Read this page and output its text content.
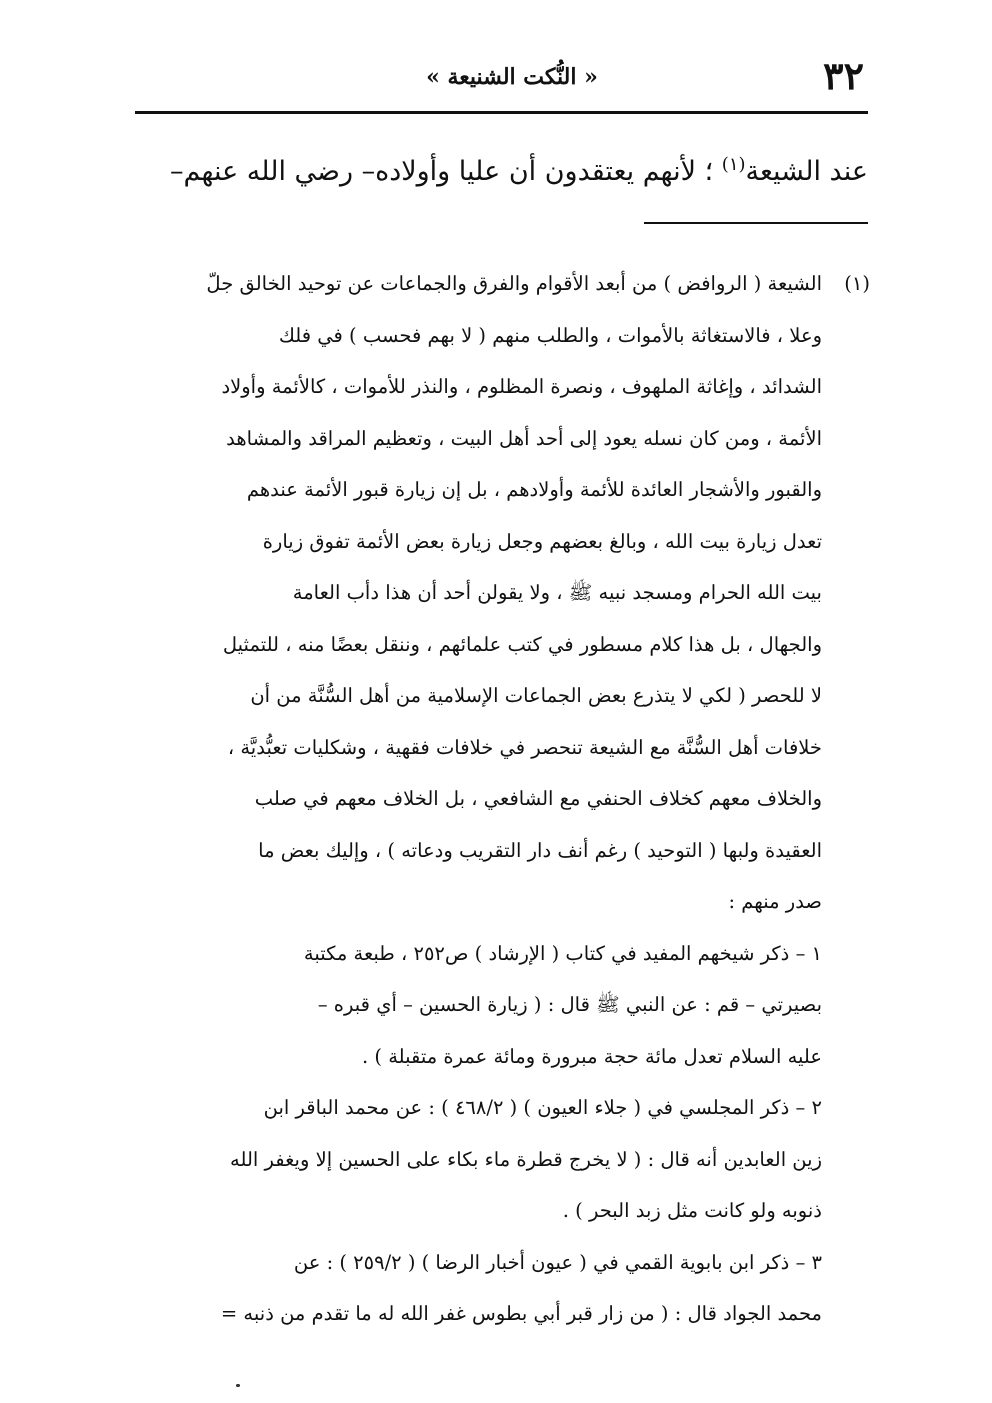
٣٢
« النُّكت الشنيعة »
عند الشيعة$^{(١)}$ ؛ لأنهم يعتقدون أن عليا وأولاده– رضي الله عنهم–
(١)الشيعة ( الروافض ) من أبعد الأقوام والفرق والجماعات عن توحيد الخالق جلّ
وعلا ، فالاستغاثة بالأموات ، والطلب منهم ( لا بهم فحسب ) في فلك
الشدائد ، وإغاثة الملهوف ، ونصرة المظلوم ، والنذر للأموات ، كالأئمة وأولاد
الأئمة ، ومن كان نسله يعود إلى أحد أهل البيت ، وتعظيم المراقد والمشاهد
والقبور والأشجار العائدة للأئمة وأولادهم ، بل إن زيارة قبور الأئمة عندهم
تعدل زيارة بيت الله ، وبالغ بعضهم وجعل زيارة بعض الأئمة تفوق زيارة
بيت الله الحرام ومسجد نبيه ﷺ ، ولا يقولن أحد أن هذا دأب العامة
والجهال ، بل هذا كلام مسطور في كتب علمائهم ، وننقل بعضًا منه ، للتمثيل
لا للحصر ( لكي لا يتذرع بعض الجماعات الإسلامية من أهل السُّنَّة من أن
خلافات أهل السُّنَّة مع الشيعة تنحصر في خلافات فقهية ، وشكليات تعبُّديَّة ،
والخلاف معهم كخلاف الحنفي مع الشافعي ، بل الخلاف معهم في صلب
العقيدة ولبها ( التوحيد ) رغم أنف دار التقريب ودعاته ) ، وإليك بعض ما
صدر منهم :
١ – ذكر شيخهم المفيد في كتاب ( الإرشاد ) ص٢٥٢ ، طبعة مكتبة
بصيرتي – قم : عن النبي ﷺ قال : ( زيارة الحسين – أي قبره –
عليه السلام تعدل مائة حجة مبرورة ومائة عمرة متقبلة ) .
٢ – ذكر المجلسي في ( جلاء العيون ) ( ٤٦٨/٢ ) : عن محمد الباقر ابن
زين العابدين أنه قال : ( لا يخرج قطرة ماء بكاء على الحسين إلا ويغفر الله
ذنوبه ولو كانت مثل زبد البحر ) .
٣ – ذكر ابن بابوية القمي في ( عيون أخبار الرضا ) ( ٢٥٩/٢ ) : عن
محمد الجواد قال : ( من زار قبر أبي بطوس غفر الله له ما تقدم من ذنبه =
